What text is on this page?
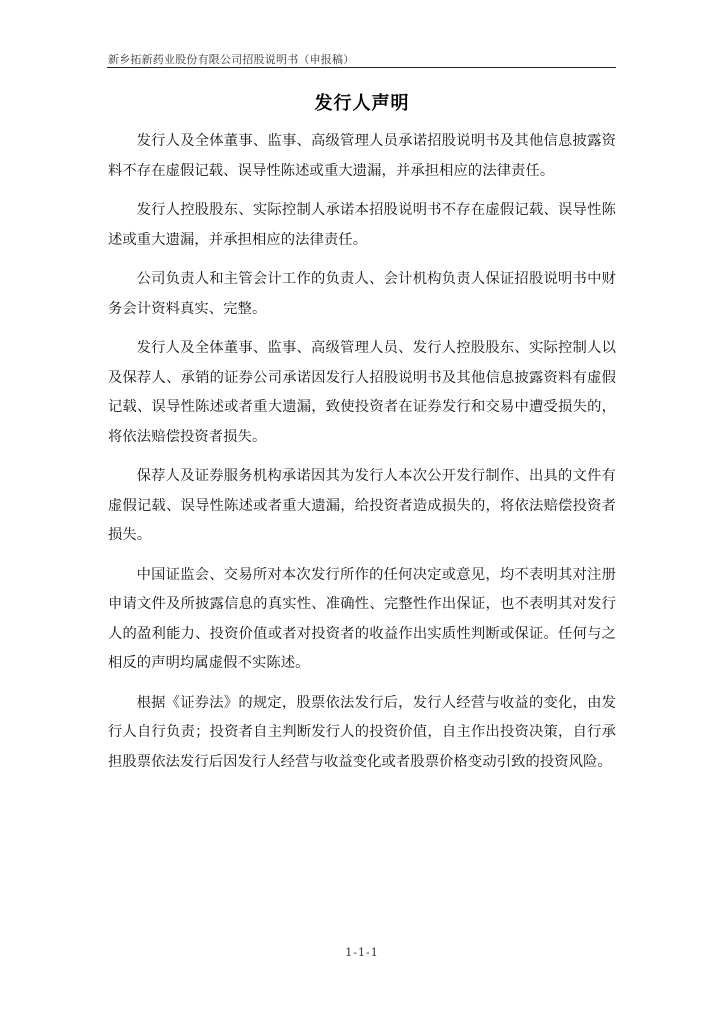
新乡拓新药业股份有限公司招股说明书（申报稿）
发行人声明

发行人及全体董事、监事、高级管理人员承诺招股说明书及其他信息披露资料不存在虚假记载、误导性陈述或重大遗漏，并承担相应的法律责任。

发行人控股股东、实际控制人承诺本招股说明书不存在虚假记载、误导性陈述或重大遗漏，并承担相应的法律责任。

公司负责人和主管会计工作的负责人、会计机构负责人保证招股说明书中财务会计资料真实、完整。

发行人及全体董事、监事、高级管理人员、发行人控股股东、实际控制人以及保荐人、承销的证券公司承诺因发行人招股说明书及其他信息披露资料有虚假记载、误导性陈述或者重大遗漏，致使投资者在证券发行和交易中遭受损失的，将依法赔偿投资者损失。

保荐人及证券服务机构承诺因其为发行人本次公开发行制作、出具的文件有虚假记载、误导性陈述或者重大遗漏，给投资者造成损失的，将依法赔偿投资者损失。

中国证监会、交易所对本次发行所作的任何决定或意见，均不表明其对注册申请文件及所披露信息的真实性、准确性、完整性作出保证，也不表明其对发行人的盈利能力、投资价值或者对投资者的收益作出实质性判断或保证。任何与之相反的声明均属虚假不实陈述。

根据《证券法》的规定，股票依法发行后，发行人经营与收益的变化，由发行人自行负责；投资者自主判断发行人的投资价值，自主作出投资决策，自行承担股票依法发行后因发行人经营与收益变化或者股票价格变动引致的投资风险。

1-1-1
